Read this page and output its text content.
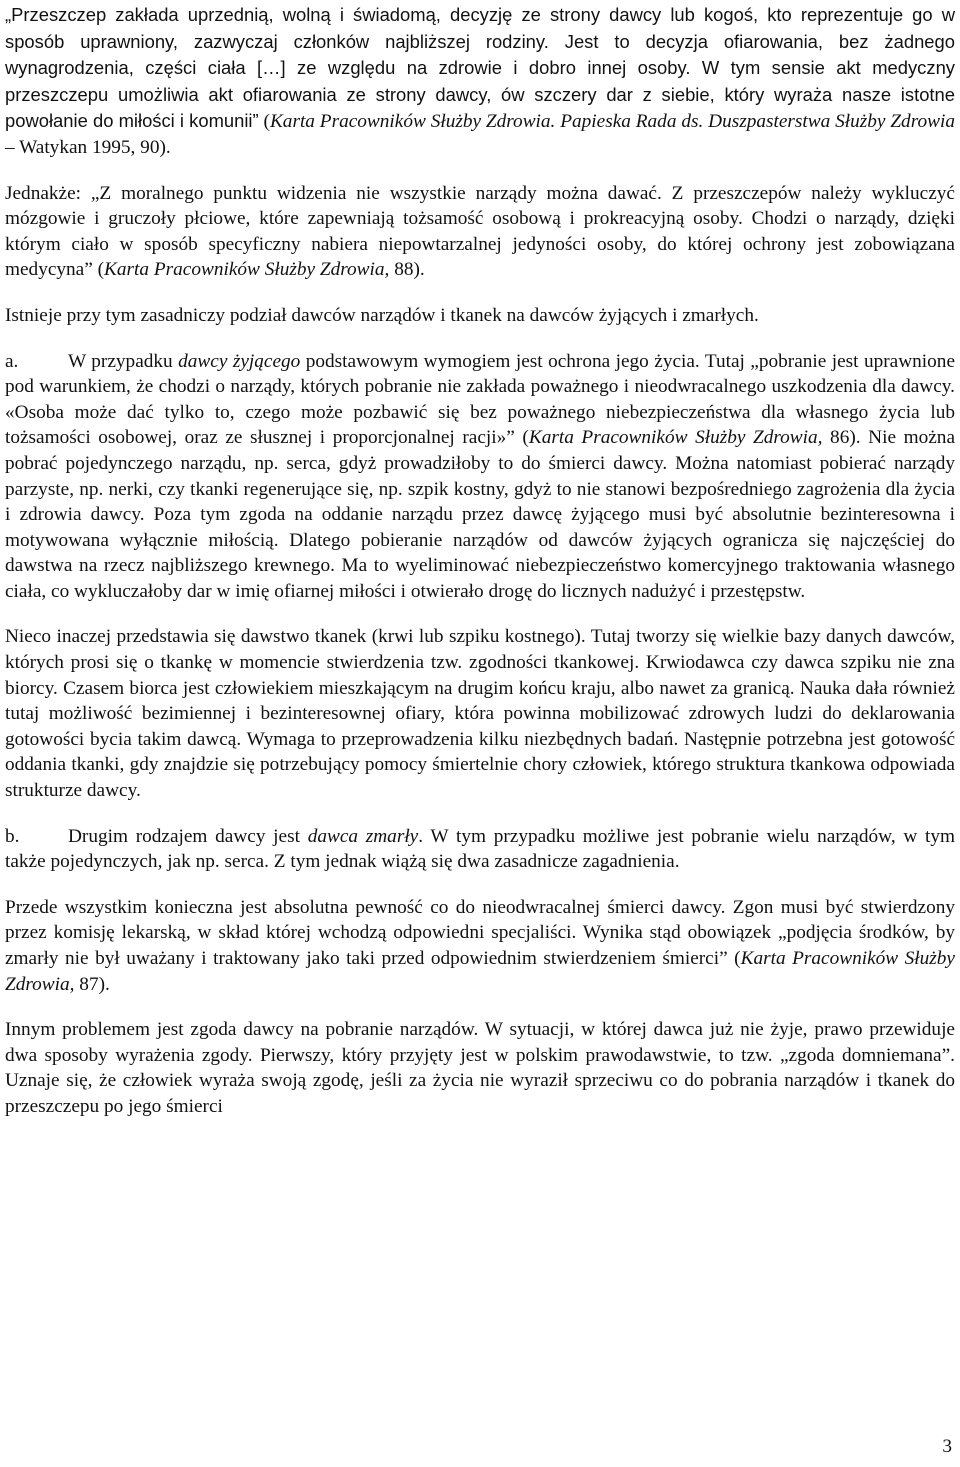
„Przeszczep zakłada uprzednią, wolną i świadomą, decyzję ze strony dawcy lub kogoś, kto reprezentuje go w sposób uprawniony, zazwyczaj członków najbliższej rodziny. Jest to decyzja ofiarowania, bez żadnego wynagrodzenia, części ciała […] ze względu na zdrowie i dobro innej osoby. W tym sensie akt medyczny przeszczepu umożliwia akt ofiarowania ze strony dawcy, ów szczery dar z siebie, który wyraża nasze istotne powołanie do miłości i komunii” (Karta Pracowników Służby Zdrowia. Papieska Rada ds. Duszpasterstwa Służby Zdrowia – Watykan 1995, 90).

Jednakże: „Z moralnego punktu widzenia nie wszystkie narządy można dawać. Z przeszczepów należy wykluczyć mózgowie i gruczoły płciowe, które zapewniają tożsamość osobową i prokreacyjną osoby. Chodzi o narządy, dzięki którym ciało w sposób specyficzny nabiera niepowtarzalnej jedyności osoby, do której ochrony jest zobowiązana medycyna” (Karta Pracowników Służby Zdrowia, 88).

Istnieje przy tym zasadniczy podział dawców narządów i tkanek na dawców żyjących i zmarłych.

a.	W przypadku dawcy żyjącego podstawowym wymogiem jest ochrona jego życia. Tutaj „pobranie jest uprawnione pod warunkiem, że chodzi o narządy, których pobranie nie zakłada poważnego i nieodwracalnego uszkodzenia dla dawcy. «Osoba może dać tylko to, czego może pozbawić się bez poważnego niebezpieczeństwa dla własnego życia lub tożsamości osobowej, oraz ze słusznej i proporcjonalnej racji»” (Karta Pracowników Służby Zdrowia, 86). Nie można pobrać pojedynczego narządu, np. serca, gdyż prowadziłoby to do śmierci dawcy. Można natomiast pobierać narządy parzyste, np. nerki, czy tkanki regenerujące się, np. szpik kostny, gdyż to nie stanowi bezpośredniego zagrożenia dla życia i zdrowia dawcy. Poza tym zgoda na oddanie narządu przez dawcę żyjącego musi być absolutnie bezinteresowna i motywowana wyłącznie miłością. Dlatego pobieranie narządów od dawców żyjących ogranicza się najczęściej do dawstwa na rzecz najbliższego krewnego. Ma to wyeliminować niebezpieczeństwo komercyjnego traktowania własnego ciała, co wykluczałoby dar w imię ofiarnej miłości i otwierało drogę do licznych nadużyć i przestępstw.

Nieco inaczej przedstawia się dawstwo tkanek (krwi lub szpiku kostnego). Tutaj tworzy się wielkie bazy danych dawców, których prosi się o tkankę w momencie stwierdzenia tzw. zgodności tkankowej. Krwiodawca czy dawca szpiku nie zna biorcy. Czasem biorca jest człowiekiem mieszkającym na drugim końcu kraju, albo nawet za granicą. Nauka dała również tutaj możliwość bezimiennej i bezinteresownej ofiary, która powinna mobilizować zdrowych ludzi do deklarowania gotowości bycia takim dawcą. Wymaga to przeprowadzenia kilku niezbędnych badań. Następnie potrzebna jest gotowość oddania tkanki, gdy znajdzie się potrzebujący pomocy śmiertelnie chory człowiek, którego struktura tkankowa odpowiada strukturze dawcy.

b.	Drugim rodzajem dawcy jest dawca zmarły. W tym przypadku możliwe jest pobranie wielu narządów, w tym także pojedynczych, jak np. serca. Z tym jednak wiążą się dwa zasadnicze zagadnienia.

Przede wszystkim konieczna jest absolutna pewność co do nieodwracalnej śmierci dawcy. Zgon musi być stwierdzony przez komisję lekarską, w skład której wchodzą odpowiedni specjaliści. Wynika stąd obowiązek „podjęcia środków, by zmarły nie był uważany i traktowany jako taki przed odpowiednim stwierdzeniem śmierci” (Karta Pracowników Służby Zdrowia, 87).

Innym problemem jest zgoda dawcy na pobranie narządów. W sytuacji, w której dawca już nie żyje, prawo przewiduje dwa sposoby wyrażenia zgody. Pierwszy, który przyjęty jest w polskim prawodawstwie, to tzw. „zgoda domniemana”. Uznaje się, że człowiek wyraża swoją zgodę, jeśli za życia nie wyraził sprzeciwu co do pobrania narządów i tkanek do przeszczepu po jego śmierci

3
